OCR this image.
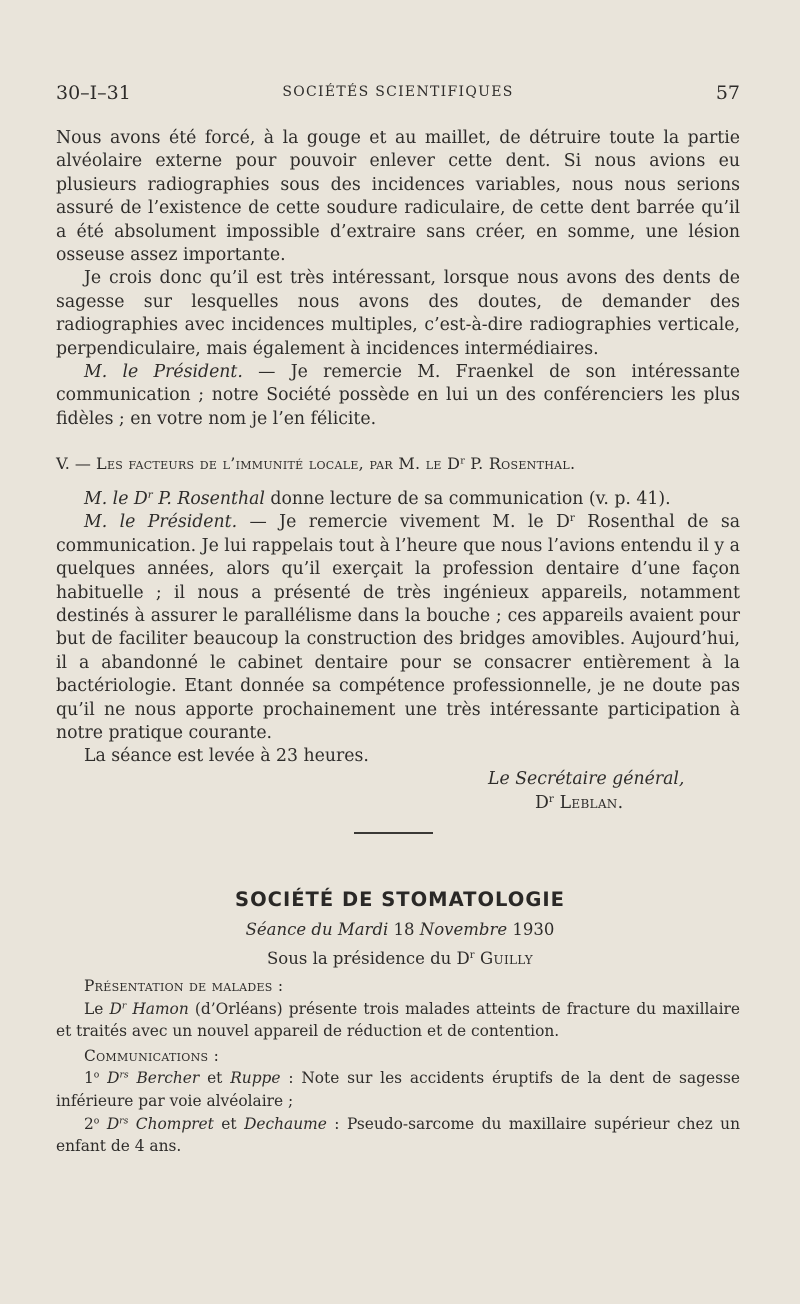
30–I–31	SOCIÉTÉS SCIENTIFIQUES	57

Nous avons été forcé, à la gouge et au maillet, de détruire toute la partie alvéolaire externe pour pouvoir enlever cette dent. Si nous avions eu plusieurs radiographies sous des incidences variables, nous nous serions assuré de l’existence de cette soudure radiculaire, de cette dent barrée qu’il a été absolument impossible d’extraire sans créer, en somme, une lésion osseuse assez importante.

Je crois donc qu’il est très intéressant, lorsque nous avons des dents de sagesse sur lesquelles nous avons des doutes, de demander des radiographies avec incidences multiples, c’est-à-dire radiographies verticale, perpendiculaire, mais également à incidences intermédiaires.

M. le Président. — Je remercie M. Fraenkel de son intéressante communication ; notre Société possède en lui un des conférenciers les plus fidèles ; en votre nom je l’en félicite.

V. — Les facteurs de l’immunité locale, par M. le $D^r$ P. Rosenthal.

M. le $D^r$ P. Rosenthal donne lecture de sa communication (v. p. 41).

M. le Président. — Je remercie vivement M. le $D^r$ Rosenthal de sa communication. Je lui rappelais tout à l’heure que nous l’avions entendu il y a quelques années, alors qu’il exerçait la profession dentaire d’une façon habituelle ; il nous a présenté de très ingénieux appareils, notamment destinés à assurer le parallélisme dans la bouche ; ces appareils avaient pour but de faciliter beaucoup la construction des bridges amovibles. Aujourd’hui, il a abandonné le cabinet dentaire pour se consacrer entièrement à la bactériologie. Etant donnée sa compétence professionnelle, je ne doute pas qu’il ne nous apporte prochainement une très intéressante participation à notre pratique courante.

La séance est levée à 23 heures.

Le Secrétaire général,
$D^r$ Leblan.
SOCIÉTÉ DE STOMATOLOGIE
Séance du Mardi 18 Novembre 1930
Sous la présidence du $D^r$ Guilly

Présentation de malades :

Le $D^r$ Hamon (d’Orléans) présente trois malades atteints de fracture du maxillaire et traités avec un nouvel appareil de réduction et de contention.

Communications :

1$^o$ $D^{rs}$ Bercher et Ruppe : Note sur les accidents éruptifs de la dent de sagesse inférieure par voie alvéolaire ;

2$^o$ $D^{rs}$ Chompret et Dechaume : Pseudo-sarcome du maxillaire supérieur chez un enfant de 4 ans.
